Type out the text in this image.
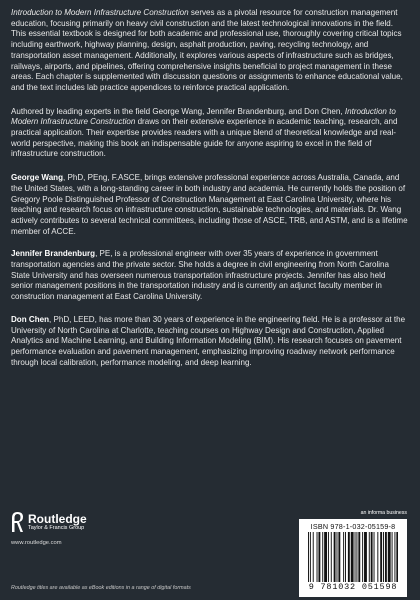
Introduction to Modern Infrastructure Construction serves as a pivotal resource for construction management education, focusing primarily on heavy civil construction and the latest technological innovations in the field. This essential textbook is designed for both academic and professional use, thoroughly covering critical topics including earthwork, highway planning, design, asphalt production, paving, recycling technology, and transportation asset management. Additionally, it explores various aspects of infrastructure such as bridges, railways, airports, and pipelines, offering comprehensive insights beneficial to project management in these areas. Each chapter is supplemented with discussion questions or assignments to enhance educational value, and the text includes lab practice appendices to reinforce practical application.

Authored by leading experts in the field George Wang, Jennifer Brandenburg, and Don Chen, Introduction to Modern Infrastructure Construction draws on their extensive experience in academic teaching, research, and practical application. Their expertise provides readers with a unique blend of theoretical knowledge and real-world perspective, making this book an indispensable guide for anyone aspiring to excel in the field of infrastructure construction.

George Wang, PhD, PEng, F.ASCE, brings extensive professional experience across Australia, Canada, and the United States, with a long-standing career in both industry and academia. He currently holds the position of Gregory Poole Distinguished Professor of Construction Management at East Carolina University, where his teaching and research focus on infrastructure construction, sustainable technologies, and materials. Dr. Wang actively contributes to several technical committees, including those of ASCE, TRB, and ASTM, and is a lifetime member of ACCE.

Jennifer Brandenburg, PE, is a professional engineer with over 35 years of experience in government transportation agencies and the private sector. She holds a degree in civil engineering from North Carolina State University and has overseen numerous transportation infrastructure projects. Jennifer has also held senior management positions in the transportation industry and is currently an adjunct faculty member in construction management at East Carolina University.

Don Chen, PhD, LEED, has more than 30 years of experience in the engineering field. He is a professor at the University of North Carolina at Charlotte, teaching courses on Highway Design and Construction, Applied Analytics and Machine Learning, and Building Information Modeling (BIM). His research focuses on pavement performance evaluation and pavement management, emphasizing improving roadway network performance through local calibration, performance modeling, and deep learning.

Routledge
Taylor & Francis Group
www.routledge.com
Routledge titles are available as eBook editions in a range of digital formats
an informa business
ISBN 978-1-032-05159-8
9 781032 051598
